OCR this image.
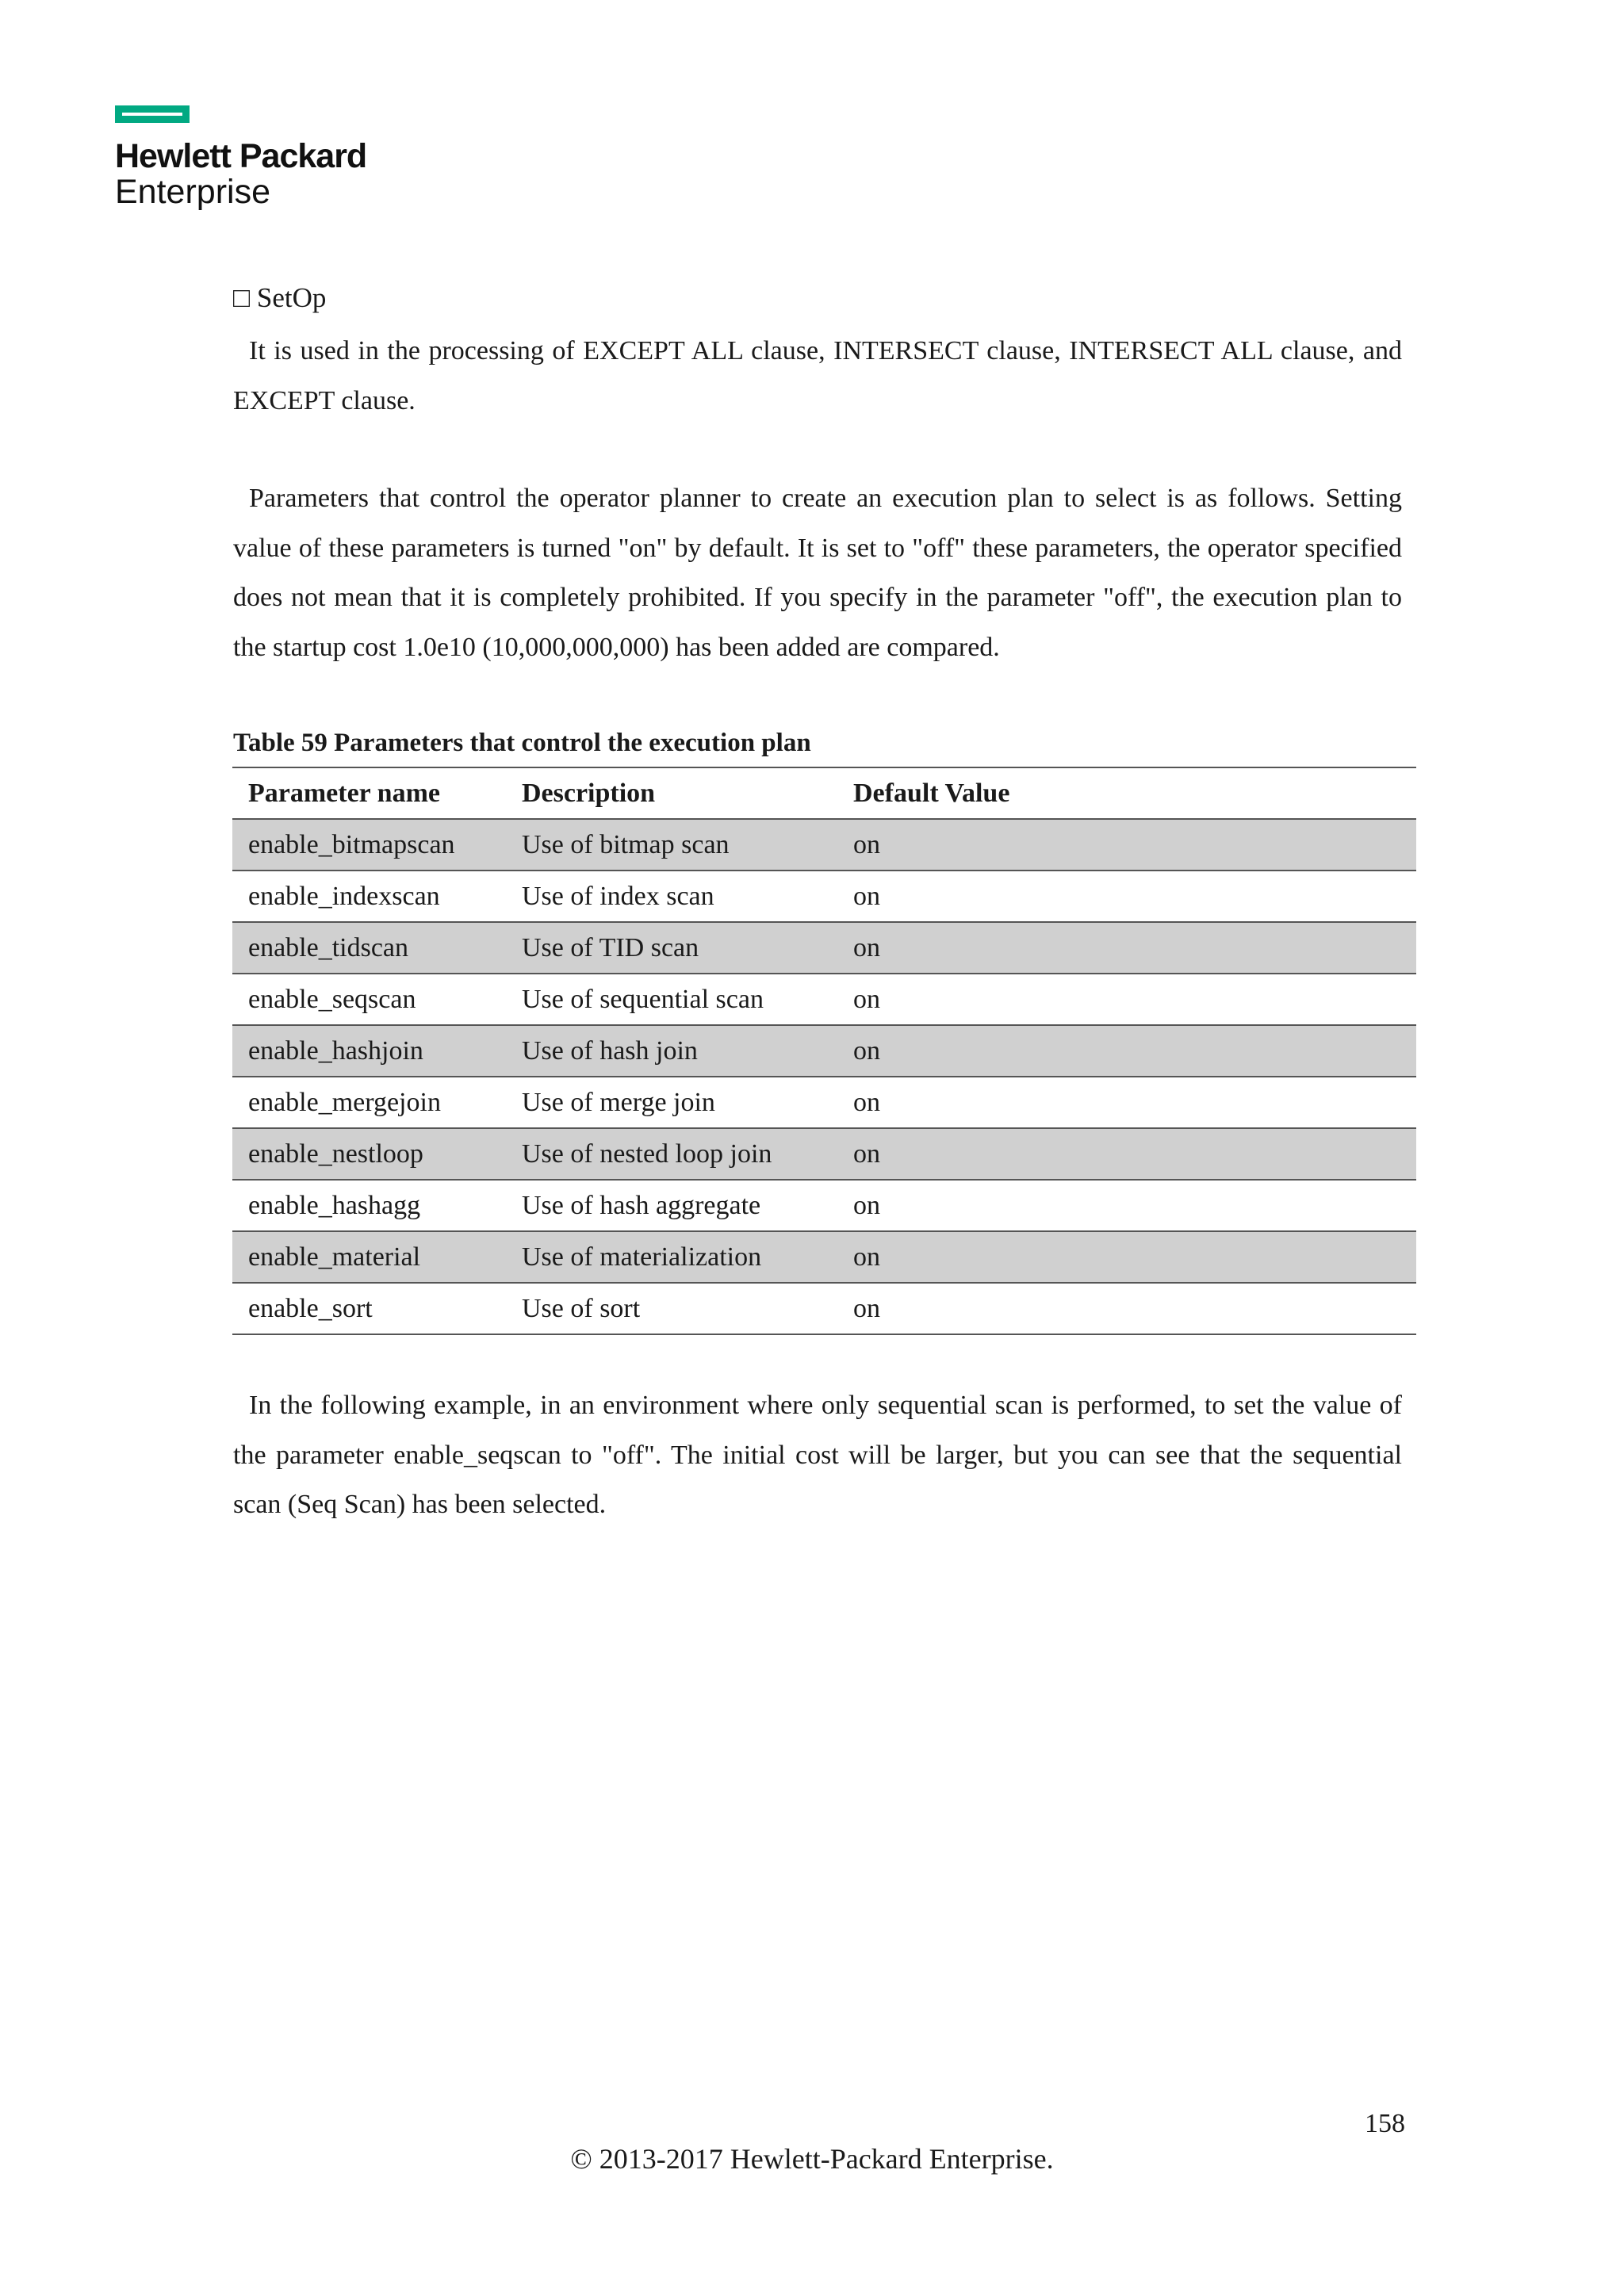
Hewlett Packard
Enterprise
□ SetOp

It is used in the processing of EXCEPT ALL clause, INTERSECT clause, INTERSECT ALL clause, and EXCEPT clause.

Parameters that control the operator planner to create an execution plan to select is as follows. Setting value of these parameters is turned "on" by default. It is set to "off" these parameters, the operator specified does not mean that it is completely prohibited. If you specify in the parameter "off", the execution plan to the startup cost 1.0e10 (10,000,000,000) has been added are compared.

Table 59 Parameters that control the execution plan
Parameter name	Description	Default Value
enable_bitmapscan	Use of bitmap scan	on
enable_indexscan	Use of index scan	on
enable_tidscan	Use of TID scan	on
enable_seqscan	Use of sequential scan	on
enable_hashjoin	Use of hash join	on
enable_mergejoin	Use of merge join	on
enable_nestloop	Use of nested loop join	on
enable_hashagg	Use of hash aggregate	on
enable_material	Use of materialization	on
enable_sort	Use of sort	on

In the following example, in an environment where only sequential scan is performed, to set the value of the parameter enable_seqscan to "off". The initial cost will be larger, but you can see that the sequential scan (Seq Scan) has been selected.

158
© 2013-2017 Hewlett-Packard Enterprise.
